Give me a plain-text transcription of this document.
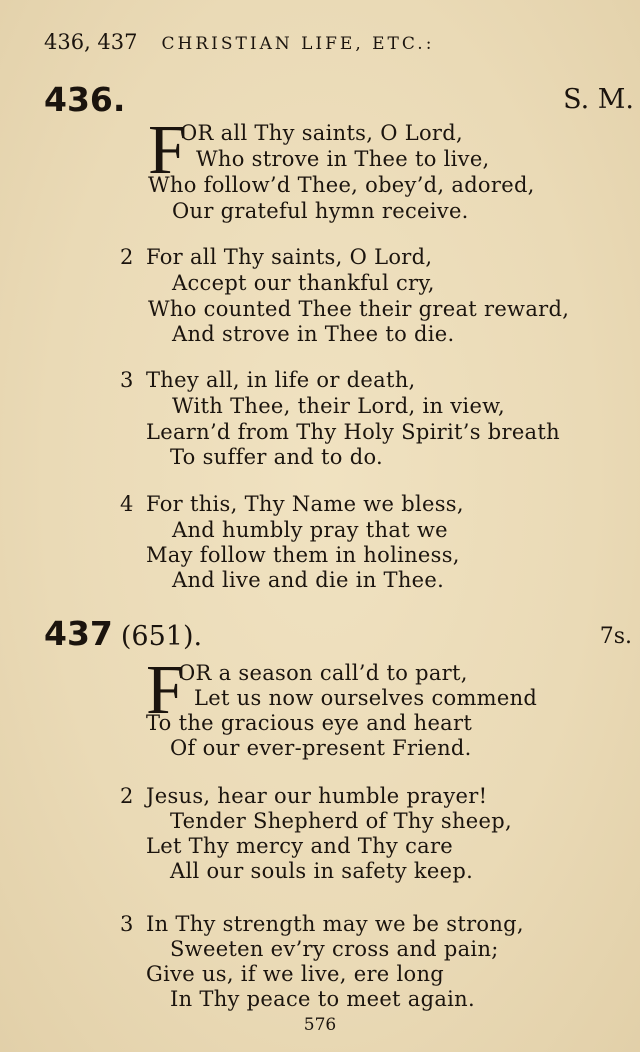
436, 437 CHRISTIAN LIFE, ETC.:
436.	S. M.
F
OR all Thy saints, O Lord,
Who strove in Thee to live,
Who follow’d Thee, obey’d, adored,
Our grateful hymn receive.
2 For all Thy saints, O Lord,
Accept our thankful cry,
Who counted Thee their great reward,
And strove in Thee to die.
3 They all, in life or death,
With Thee, their Lord, in view,
Learn’d from Thy Holy Spirit’s breath
To suffer and to do.
4 For this, Thy Name we bless,
And humbly pray that we
May follow them in holiness,
And live and die in Thee.
437 (651).	7s.
F
OR a season call’d to part,
Let us now ourselves commend
To the gracious eye and heart
Of our ever-present Friend.
2 Jesus, hear our humble prayer!
Tender Shepherd of Thy sheep,
Let Thy mercy and Thy care
All our souls in safety keep.
3 In Thy strength may we be strong,
Sweeten ev’ry cross and pain;
Give us, if we live, ere long
In Thy peace to meet again.
576
